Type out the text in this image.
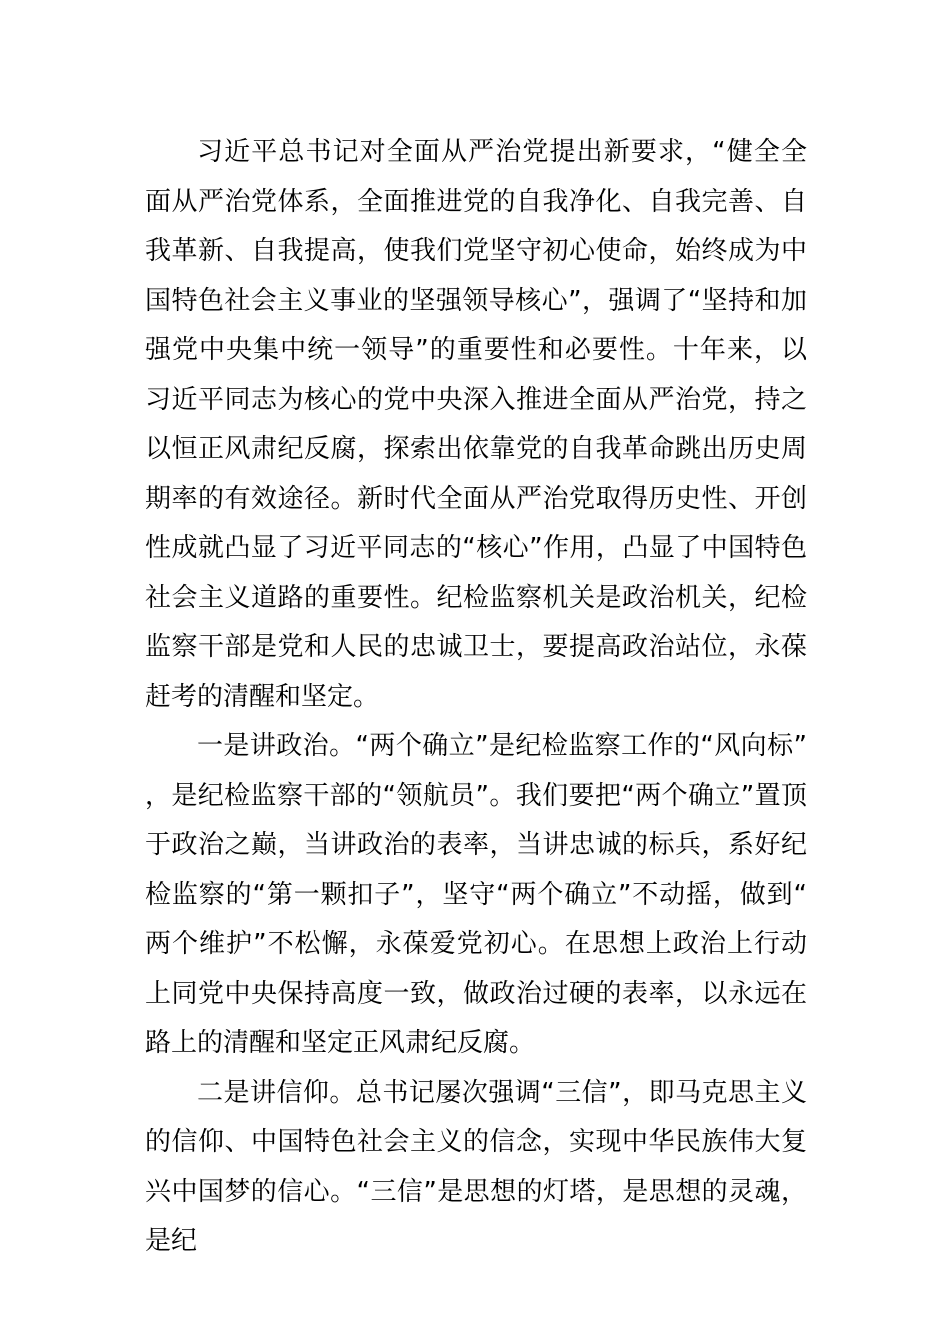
习近平总书记对全面从严治党提出新要求，“健全全面从严治党体系，全面推进党的自我净化、自我完善、自我革新、自我提高，使我们党坚守初心使命，始终成为中国特色社会主义事业的坚强领导核心”，强调了“坚持和加强党中央集中统一领导”的重要性和必要性。十年来，以习近平同志为核心的党中央深入推进全面从严治党，持之以恒正风肃纪反腐，探索出依靠党的自我革命跳出历史周期率的有效途径。新时代全面从严治党取得历史性、开创性成就凸显了习近平同志的“核心”作用，凸显了中国特色社会主义道路的重要性。纪检监察机关是政治机关，纪检监察干部是党和人民的忠诚卫士，要提高政治站位，永葆赶考的清醒和坚定。

一是讲政治。“两个确立”是纪检监察工作的“风向标”，是纪检监察干部的“领航员”。我们要把“两个确立”置顶于政治之巅，当讲政治的表率，当讲忠诚的标兵，系好纪检监察的“第一颗扣子”，坚守“两个确立”不动摇，做到“两个维护”不松懈，永葆爱党初心。在思想上政治上行动上同党中央保持高度一致，做政治过硬的表率，以永远在路上的清醒和坚定正风肃纪反腐。

二是讲信仰。总书记屡次强调“三信”，即马克思主义的信仰、中国特色社会主义的信念，实现中华民族伟大复兴中国梦的信心。“三信”是思想的灯塔，是思想的灵魂，是纪
